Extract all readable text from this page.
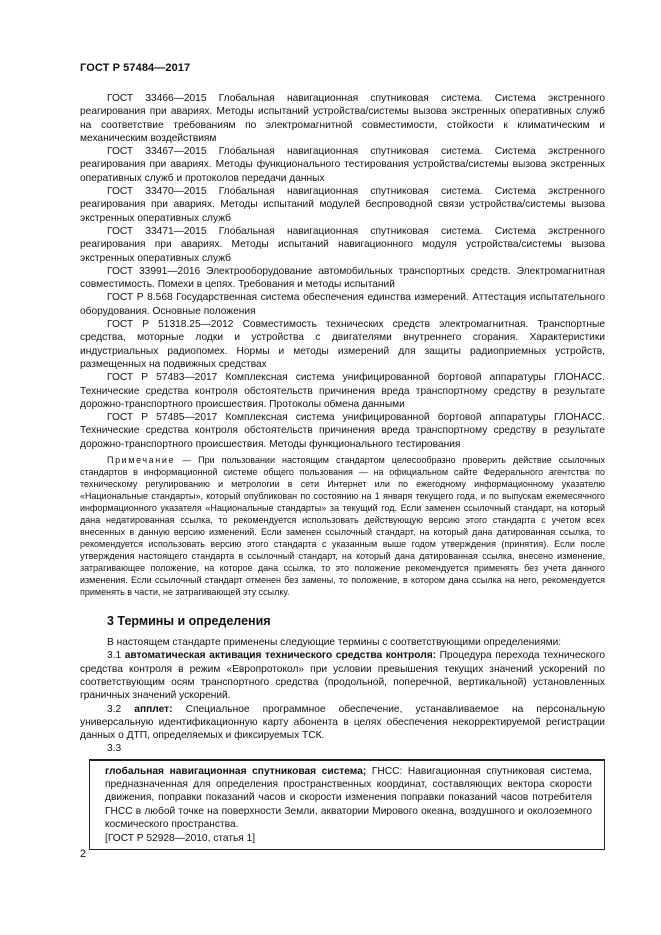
ГОСТ Р 57484—2017

ГОСТ 33466—2015 Глобальная навигационная спутниковая система. Система экстренного реагирования при авариях. Методы испытаний устройства/системы вызова экстренных оперативных служб на соответствие требованиям по электромагнитной совместимости, стойкости к климатическим и механическим воздействиям

ГОСТ 33467—2015 Глобальная навигационная спутниковая система. Система экстренного реагирования при авариях. Методы функционального тестирования устройства/системы вызова экстренных оперативных служб и протоколов передачи данных

ГОСТ 33470—2015 Глобальная навигационная спутниковая система. Система экстренного реагирования при авариях. Методы испытаний модулей беспроводной связи устройства/системы вызова экстренных оперативных служб

ГОСТ 33471—2015 Глобальная навигационная спутниковая система. Система экстренного реагирования при авариях. Методы испытаний навигационного модуля устройства/системы вызова экстренных оперативных служб

ГОСТ 33991—2016 Электрооборудование автомобильных транспортных средств. Электромагнитная совместимость. Помехи в цепях. Требования и методы испытаний

ГОСТ Р 8.568 Государственная система обеспечения единства измерений. Аттестация испытательного оборудования. Основные положения

ГОСТ Р 51318.25—2012 Совместимость технических средств электромагнитная. Транспортные средства, моторные лодки и устройства с двигателями внутреннего сгорания. Характеристики индустриальных радиопомех. Нормы и методы измерений для защиты радиоприемных устройств, размещенных на подвижных средствах

ГОСТ Р 57483—2017 Комплексная система унифицированной бортовой аппаратуры ГЛОНАСС. Технические средства контроля обстоятельств причинения вреда транспортному средству в результате дорожно-транспортного происшествия. Протоколы обмена данными

ГОСТ Р 57485—2017 Комплексная система унифицированной бортовой аппаратуры ГЛОНАСС. Технические средства контроля обстоятельств причинения вреда транспортному средству в результате дорожно-транспортного происшествия. Методы функционального тестирования

Примечание — При пользовании настоящим стандартом целесообразно проверить действие ссылочных стандартов в информационной системе общего пользования — на официальном сайте Федерального агентства по техническому регулированию и метрологии в сети Интернет или по ежегодному информационному указателю «Национальные стандарты», который опубликован по состоянию на 1 января текущего года, и по выпускам ежемесячного информационного указателя «Национальные стандарты» за текущий год. Если заменен ссылочный стандарт, на который дана недатированная ссылка, то рекомендуется использовать действующую версию этого стандарта с учетом всех внесенных в данную версию изменений. Если заменен ссылочный стандарт, на который дана датированная ссылка, то рекомендуется использовать версию этого стандарта с указанным выше годом утверждения (принятия). Если после утверждения настоящего стандарта в ссылочный стандарт, на который дана датированная ссылка, внесено изменение, затрагивающее положение, на которое дана ссылка, то это положение рекомендуется применять без учета данного изменения. Если ссылочный стандарт отменен без замены, то положение, в котором дана ссылка на него, рекомендуется применять в части, не затрагивающей эту ссылку.

3 Термины и определения

В настоящем стандарте применены следующие термины с соответствующими определениями:

3.1 автоматическая активация технического средства контроля: Процедура перехода технического средства контроля в режим «Европротокол» при условии превышения текущих значений ускорений по соответствующим осям транспортного средства (продольной, поперечной, вертикальной) установленных граничных значений ускорений.

3.2 апплет: Специальное программное обеспечение, устанавливаемое на персональную универсальную идентификационную карту абонента в целях обеспечения некорректируемой регистрации данных о ДТП, определяемых и фиксируемых ТСК.

3.3

глобальная навигационная спутниковая система; ГНСС: Навигационная спутниковая система, предназначенная для определения пространственных координат, составляющих вектора скорости движения, поправки показаний часов и скорости изменения поправки показаний часов потребителя ГНСС в любой точке на поверхности Земли, акватории Мирового океана, воздушного и околоземного космического пространства.

[ГОСТ Р 52928—2010, статья 1]
2
